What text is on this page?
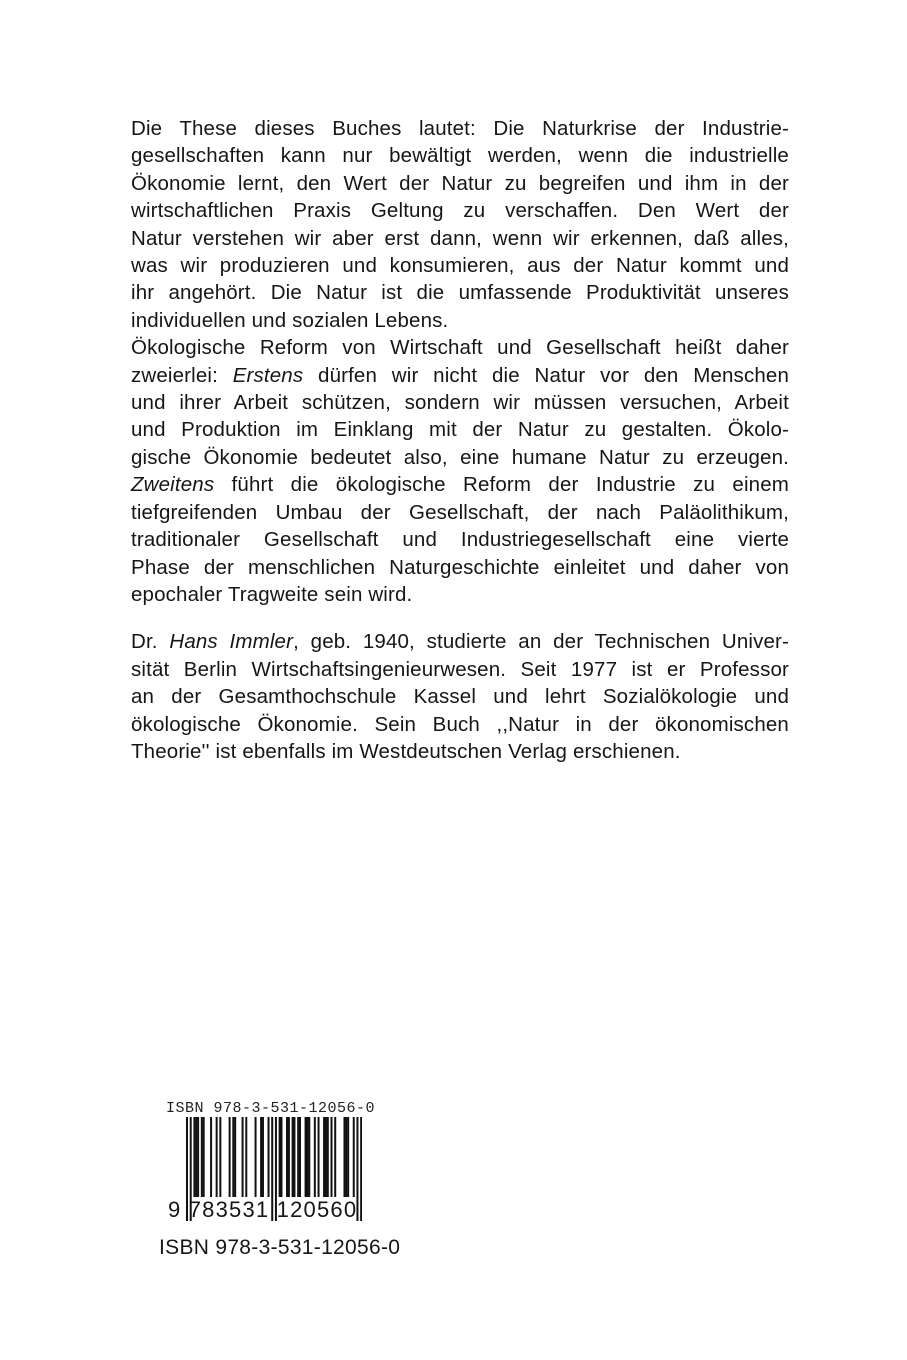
Die These dieses Buches lautet: Die Naturkrise der Industrie-
gesellschaften kann nur bewältigt werden, wenn die industrielle
Ökonomie lernt, den Wert der Natur zu begreifen und ihm in der
wirtschaftlichen Praxis Geltung zu verschaffen. Den Wert der
Natur verstehen wir aber erst dann, wenn wir erkennen, daß alles,
was wir produzieren und konsumieren, aus der Natur kommt und
ihr angehört. Die Natur ist die umfassende Produktivität unseres
individuellen und sozialen Lebens.

Ökologische Reform von Wirtschaft und Gesellschaft heißt daher
zweierlei: Erstens dürfen wir nicht die Natur vor den Menschen
und ihrer Arbeit schützen, sondern wir müssen versuchen, Arbeit
und Produktion im Einklang mit der Natur zu gestalten. Ökolo-
gische Ökonomie bedeutet also, eine humane Natur zu erzeugen.
Zweitens führt die ökologische Reform der Industrie zu einem
tiefgreifenden Umbau der Gesellschaft, der nach Paläolithikum,
traditionaler Gesellschaft und Industriegesellschaft eine vierte
Phase der menschlichen Naturgeschichte einleitet und daher von
epochaler Tragweite sein wird.

Dr. Hans Immler, geb. 1940, studierte an der Technischen Univer-
sität Berlin Wirtschaftsingenieurwesen. Seit 1977 ist er Professor
an der Gesamthochschule Kassel und lehrt Sozialökologie und
ökologische Ökonomie. Sein Buch ,,Natur in der ökonomischen
Theorie'' ist ebenfalls im Westdeutschen Verlag erschienen.

ISBN 978-3-531-12056-0
9 783531 120560
ISBN 978-3-531-12056-0
